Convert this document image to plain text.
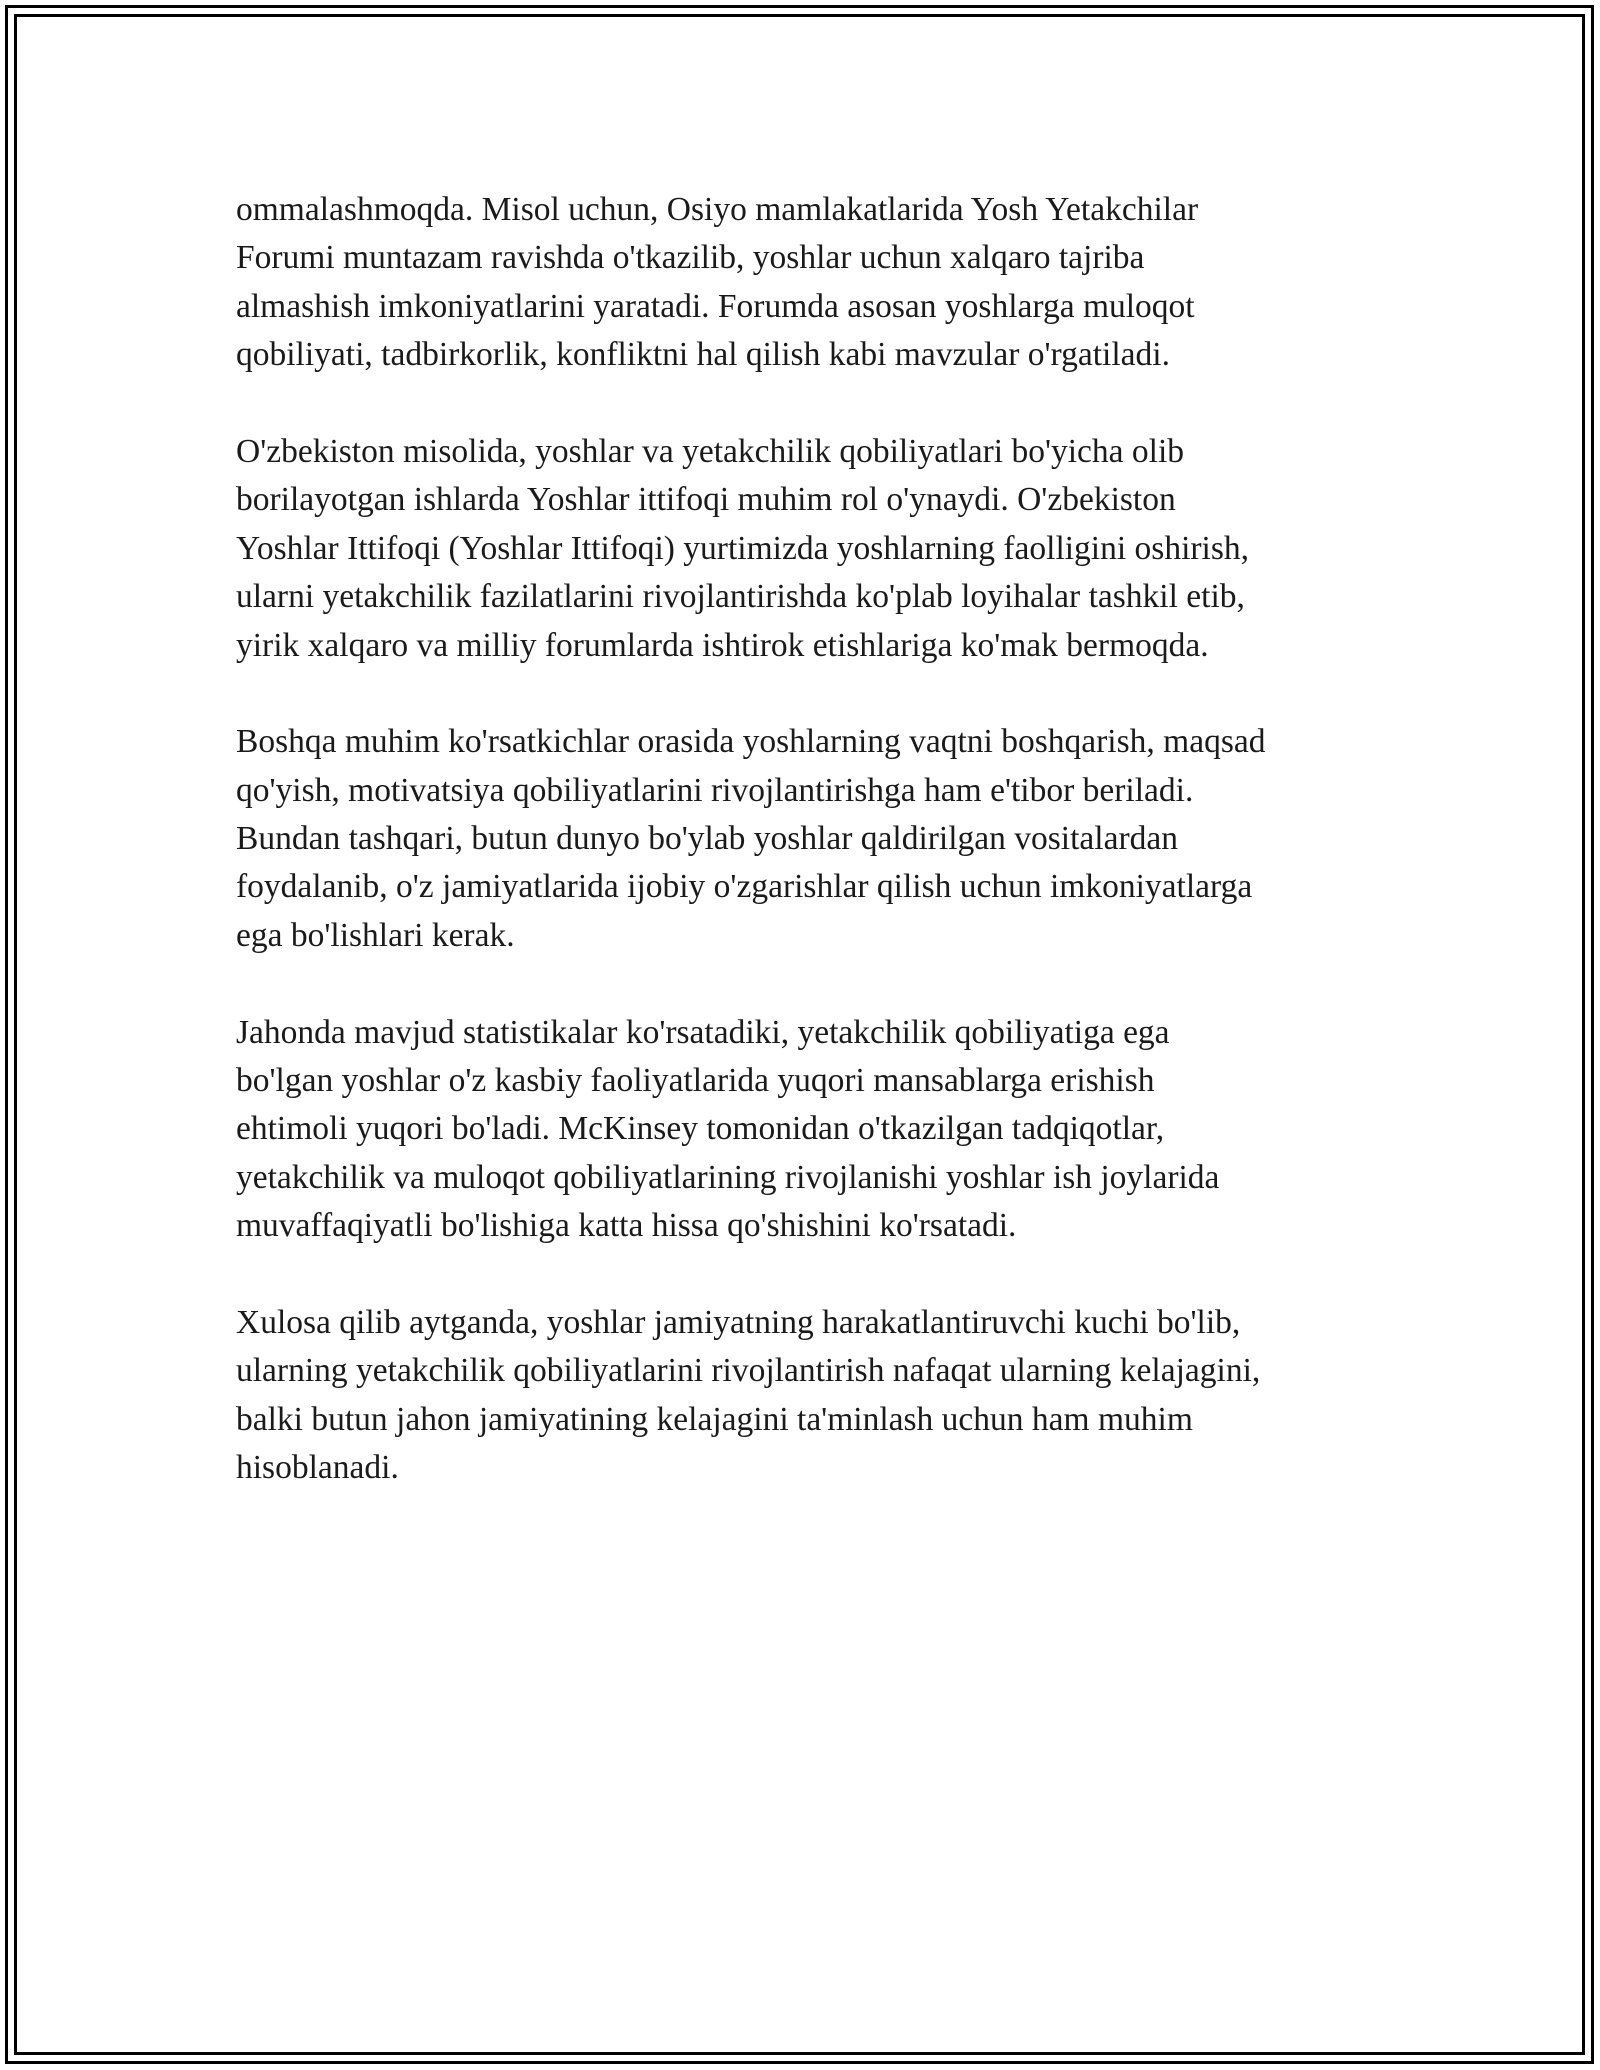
ommalashmoqda. Misol uchun, Osiyo mamlakatlarida Yosh Yetakchilar
Forumi muntazam ravishda o'tkazilib, yoshlar uchun xalqaro tajriba
almashish imkoniyatlarini yaratadi. Forumda asosan yoshlarga muloqot
qobiliyati, tadbirkorlik, konfliktni hal qilish kabi mavzular o'rgatiladi.
O'zbekiston misolida, yoshlar va yetakchilik qobiliyatlari bo'yicha olib
borilayotgan ishlarda Yoshlar ittifoqi muhim rol o'ynaydi. O'zbekiston
Yoshlar Ittifoqi (Yoshlar Ittifoqi) yurtimizda yoshlarning faolligini oshirish,
ularni yetakchilik fazilatlarini rivojlantirishda ko'plab loyihalar tashkil etib,
yirik xalqaro va milliy forumlarda ishtirok etishlariga ko'mak bermoqda.
Boshqa muhim ko'rsatkichlar orasida yoshlarning vaqtni boshqarish, maqsad
qo'yish, motivatsiya qobiliyatlarini rivojlantirishga ham e'tibor beriladi.
Bundan tashqari, butun dunyo bo'ylab yoshlar qaldirilgan vositalardan
foydalanib, o'z jamiyatlarida ijobiy o'zgarishlar qilish uchun imkoniyatlarga
ega bo'lishlari kerak.
Jahonda mavjud statistikalar ko'rsatadiki, yetakchilik qobiliyatiga ega
bo'lgan yoshlar o'z kasbiy faoliyatlarida yuqori mansablarga erishish
ehtimoli yuqori bo'ladi. McKinsey tomonidan o'tkazilgan tadqiqotlar,
yetakchilik va muloqot qobiliyatlarining rivojlanishi yoshlar ish joylarida
muvaffaqiyatli bo'lishiga katta hissa qo'shishini ko'rsatadi.
Xulosa qilib aytganda, yoshlar jamiyatning harakatlantiruvchi kuchi bo'lib,
ularning yetakchilik qobiliyatlarini rivojlantirish nafaqat ularning kelajagini,
balki butun jahon jamiyatining kelajagini ta'minlash uchun ham muhim
hisoblanadi.
